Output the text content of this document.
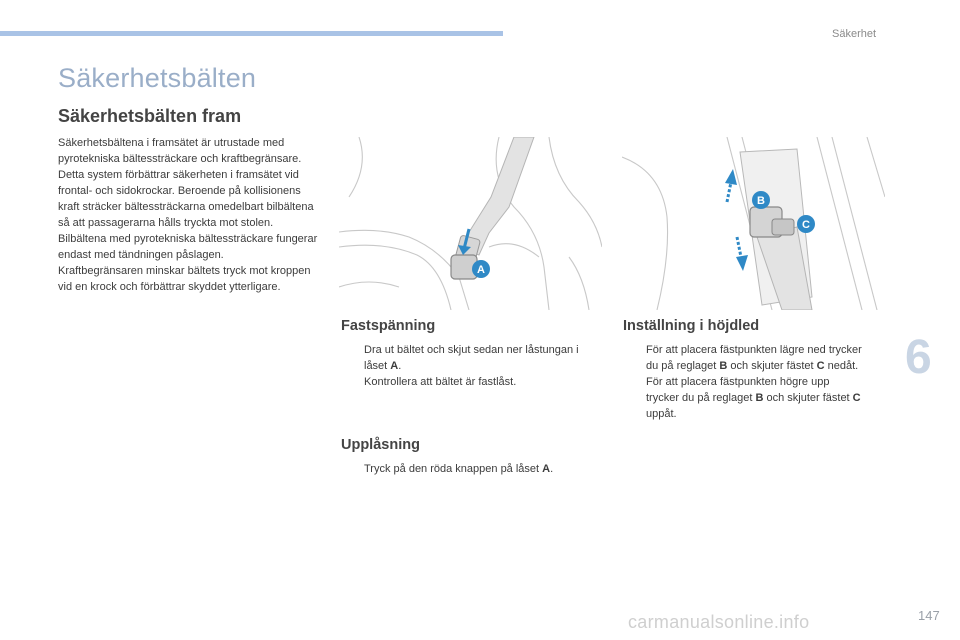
Säkerhet
Säkerhetsbälten
Säkerhetsbälten fram

Säkerhetsbältena i framsätet är utrustade med pyrotekniska bältessträckare och kraftbegränsare.

Detta system förbättrar säkerheten i framsätet vid frontal- och sidokrockar. Beroende på kollisionens kraft sträcker bältessträckarna omedelbart bilbältena så att passagerarna hålls tryckta mot stolen.

Bilbältena med pyrotekniska bältessträckare fungerar endast med tändningen påslagen.

Kraftbegränsaren minskar bältets tryck mot kroppen vid en krock och förbättrar skyddet ytterligare.

A
B
C
Fastspänning
Dra ut bältet och skjut sedan ner låstungan i låset A.
Kontrollera att bältet är fastlåst.
Upplåsning
Tryck på den röda knappen på låset A.
Inställning i höjdled
För att placera fästpunkten lägre ned trycker du på reglaget B och skjuter fästet C nedåt.
För att placera fästpunkten högre upp trycker du på reglaget B och skjuter fästet C uppåt.
6
carmanualsonline.info	147
